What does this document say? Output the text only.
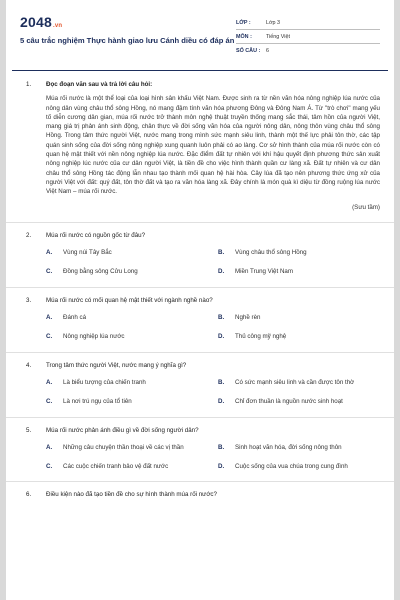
2048.vn
5 câu trắc nghiệm Thực hành giao lưu Cánh diều có đáp án
LỚP :	Lớp 3
MÔN :	Tiếng Việt
SỐ CÂU :	6
1. Đọc đoạn văn sau và trả lời câu hỏi:
Múa rối nước là một thể loại của loại hình sân khấu Việt Nam. Được sinh ra từ nền văn hóa nông nghiệp lúa nước của nông dân vùng châu thổ sông Hồng, nó mang đậm tính văn hóa phương Đông và Đông Nam Á. Từ "trò chơi" mang yếu tố diễn cương dân gian, múa rối nước trở thành môn nghệ thuật truyền thống mang sắc thái, tâm hồn của người Việt, mang giá trị phản ánh sinh động, chân thực về đời sống văn hóa của người nông dân, nông thôn vùng châu thổ sông Hồng. Trong tâm thức người Việt, nước mang trong mình sức mạnh siêu linh, thành một thế lực phải tôn thờ, các tập quán sinh sống của đời sống nông nghiệp xung quanh luôn phải có ao làng. Cơ sở hình thành của múa rối nước còn có quan hệ mật thiết với nền nông nghiệp lúa nước. Đặc điểm đất tự nhiên với khí hậu quyết định phương thức sản xuất nông nghiệp lúc nước của cư dân người Việt, là tiền đề cho việc hình thành quần cư làng xã. Đất tự nhiên và cư dân châu thổ sông Hồng tác động lẫn nhau tạo thành mối quan hệ hài hòa. Cây lúa đã tạo nên phương thức ứng xử của người Việt với đất: quý đất, tôn thờ đất và tạo ra văn hóa làng xã. Đây chính là món quà kì diệu từ đồng ruộng lúa nước Việt Nam – múa rối nước.
(Sưu tầm)
2. Múa rối nước có nguồn gốc từ đâu?
A.	Vùng núi Tây Bắc	B.	Vùng châu thổ sông Hồng
C.	Đồng bằng sông Cửu Long	D.	Miền Trung Việt Nam
3. Múa rối nước có mối quan hệ mật thiết với ngành nghề nào?
A.	Đánh cá	B.	Nghề rèn
C.	Nông nghiệp lúa nước	D.	Thủ công mỹ nghệ
4. Trong tâm thức người Việt, nước mang ý nghĩa gì?
A.	Là biểu tượng của chiến tranh	B.	Có sức mạnh siêu linh và cần được tôn thờ
C.	Là nơi trú ngụ của tổ tiên	D.	Chỉ đơn thuần là nguồn nước sinh hoạt
5. Múa rối nước phản ánh điều gì về đời sống người dân?
A.	Những câu chuyện thần thoại về các vị thần	B.	Sinh hoạt văn hóa, đời sống nông thôn
C.	Các cuộc chiến tranh bảo vệ đất nước	D.	Cuộc sống của vua chúa trong cung đình
6. Điều kiện nào đã tạo tiền đề cho sự hình thành múa rối nước?
